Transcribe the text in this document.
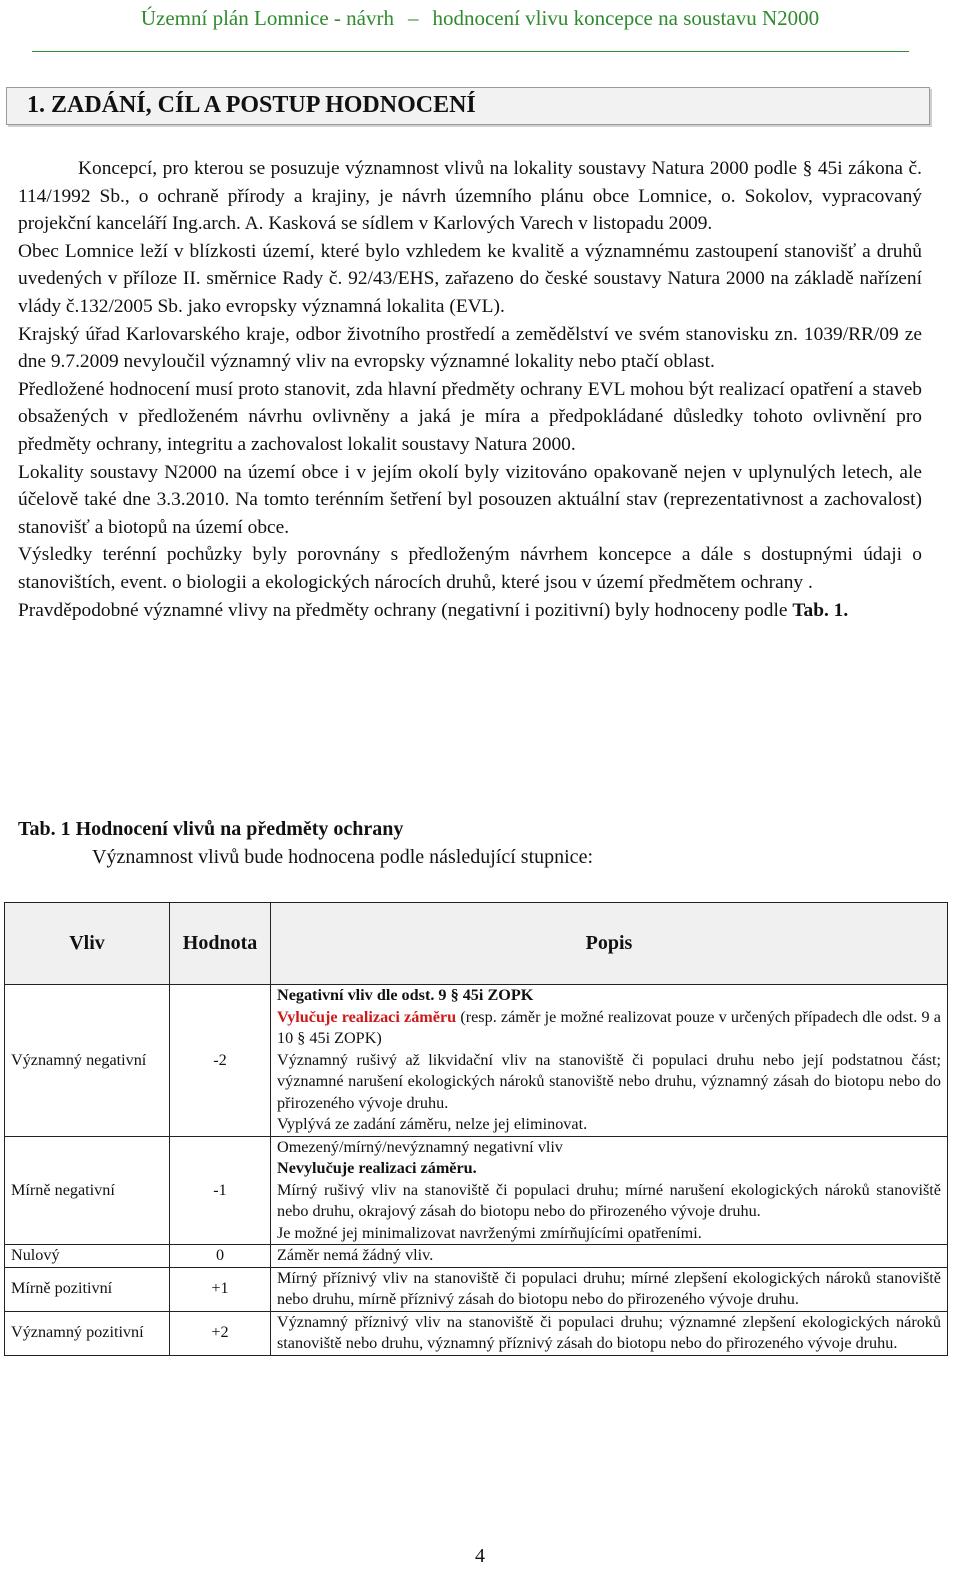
Územní plán Lomnice - návrh – hodnocení vlivu koncepce na soustavu N2000
1. ZADÁNÍ, CÍL A POSTUP HODNOCENÍ

Koncepcí, pro kterou se posuzuje významnost vlivů na lokality soustavy Natura 2000 podle § 45i zákona č. 114/1992 Sb., o ochraně přírody a krajiny, je návrh územního plánu obce Lomnice, o. Sokolov, vypracovaný projekční kanceláří Ing.arch. A. Kasková se sídlem v Karlových Varech v listopadu 2009.

Obec Lomnice leží v blízkosti území, které bylo vzhledem ke kvalitě a významnému zastoupení stanovišť a druhů uvedených v příloze II. směrnice Rady č. 92/43/EHS, zařazeno do české soustavy Natura 2000 na základě nařízení vlády č.132/2005 Sb. jako evropsky významná lokalita (EVL).

Krajský úřad Karlovarského kraje, odbor životního prostředí a zemědělství ve svém stanovisku zn. 1039/RR/09 ze dne 9.7.2009 nevyloučil významný vliv na evropsky významné lokality nebo ptačí oblast.

Předložené hodnocení musí proto stanovit, zda hlavní předměty ochrany EVL mohou být realizací opatření a staveb obsažených v předloženém návrhu ovlivněny a jaká je míra a předpokládané důsledky tohoto ovlivnění pro předměty ochrany, integritu a zachovalost lokalit soustavy Natura 2000.

Lokality soustavy N2000 na území obce i v jejím okolí byly vizitováno opakovaně nejen v uplynulých letech, ale účelově také dne 3.3.2010. Na tomto terénním šetření byl posouzen aktuální stav (reprezentativnost a zachovalost) stanovišť a biotopů na území obce.

Výsledky terénní pochůzky byly porovnány s předloženým návrhem koncepce a dále s dostupnými údaji o stanovištích, event. o biologii a ekologických nárocích druhů, které jsou v území předmětem ochrany .

Pravděpodobné významné vlivy na předměty ochrany (negativní i pozitivní) byly hodnoceny podle Tab. 1.

Tab. 1 Hodnocení vlivů na předměty ochrany
Významnost vlivů bude hodnocena podle následující stupnice:
Vliv	Hodnota	Popis
Významný negativní	-2	Negativní vliv dle odst. 9 § 45i ZOPK
Vylučuje realizaci záměru (resp. záměr je možné realizovat pouze v určených případech dle odst. 9 a 10 § 45i ZOPK)
Významný rušivý až likvidační vliv na stanoviště či populaci druhu nebo její podstatnou část; významné narušení ekologických nároků stanoviště nebo druhu, významný zásah do biotopu nebo do přirozeného vývoje druhu.
Vyplývá ze zadání záměru, nelze jej eliminovat.
Mírně negativní	-1	Omezený/mírný/nevýznamný negativní vliv
Nevylučuje realizaci záměru.
Mírný rušivý vliv na stanoviště či populaci druhu; mírné narušení ekologických nároků stanoviště nebo druhu, okrajový zásah do biotopu nebo do přirozeného vývoje druhu.
Je možné jej minimalizovat navrženými zmírňujícími opatřeními.
Nulový	0	Záměr nemá žádný vliv.
Mírně pozitivní	+1	Mírný příznivý vliv na stanoviště či populaci druhu; mírné zlepšení ekologických nároků stanoviště nebo druhu, mírně příznivý zásah do biotopu nebo do přirozeného vývoje druhu.
Významný pozitivní	+2	Významný příznivý vliv na stanoviště či populaci druhu; významné zlepšení ekologických nároků stanoviště nebo druhu, významný příznivý zásah do biotopu nebo do přirozeného vývoje druhu.
4
